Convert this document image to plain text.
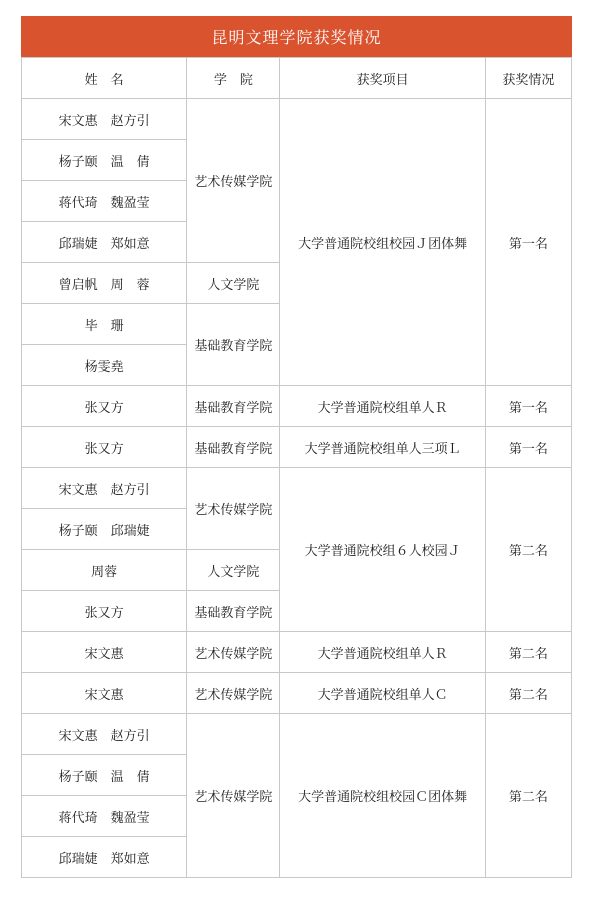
昆明文理学院获奖情况
姓　名	学　院	获奖项目	获奖情况
宋文惠　赵方引	艺术传媒学院	大学普通院校组校园Ｊ团体舞	第一名
杨子颐　温　倩			
蒋代琦　魏盈莹			
邱瑞婕　郑如意			
曾启帆　周　蓉	人文学院		
毕　珊	基础教育学院		
杨雯堯			
张又方	基础教育学院	大学普通院校组单人Ｒ	第一名
张又方	基础教育学院	大学普通院校组单人三项Ｌ	第一名
宋文惠　赵方引	艺术传媒学院	大学普通院校组６人校园Ｊ	第二名
杨子颐　邱瑞婕			
周蓉	人文学院		
张又方	基础教育学院		
宋文惠	艺术传媒学院	大学普通院校组单人Ｒ	第二名
宋文惠	艺术传媒学院	大学普通院校组单人Ｃ	第二名
宋文惠　赵方引	艺术传媒学院	大学普通院校组校园Ｃ团体舞	第二名
杨子颐　温　倩			
蒋代琦　魏盈莹			
邱瑞婕　郑如意			
